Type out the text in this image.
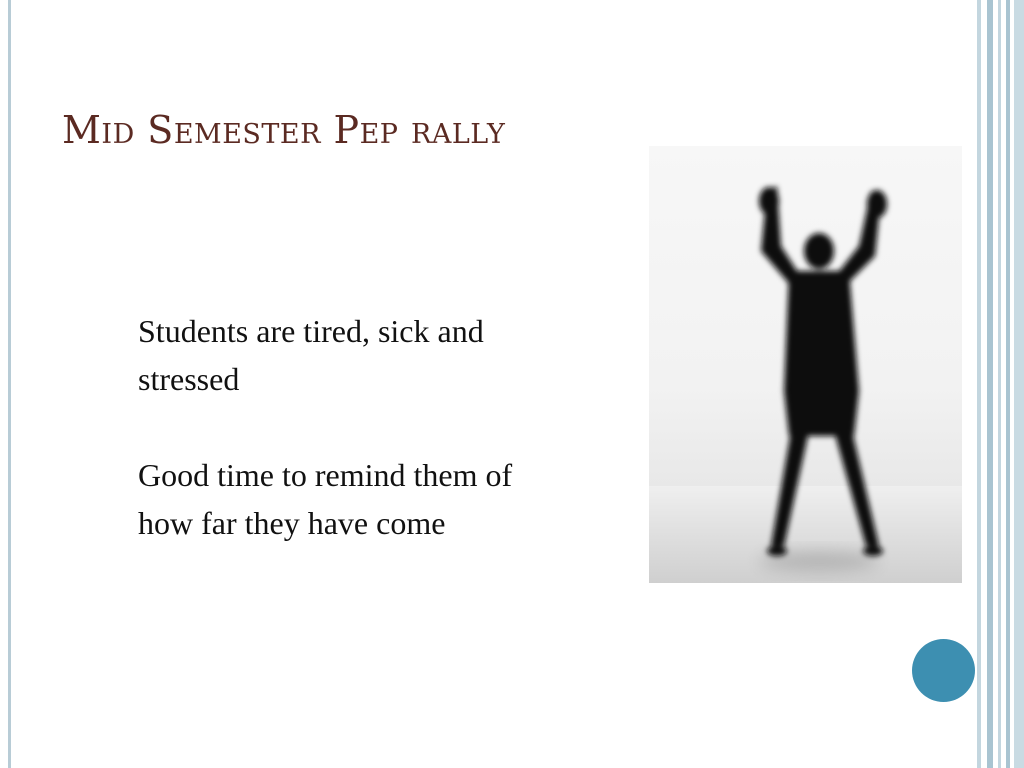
Mid Semester Pep rally

Students are tired, sick and stressed

Good time to remind them of how far they have come
